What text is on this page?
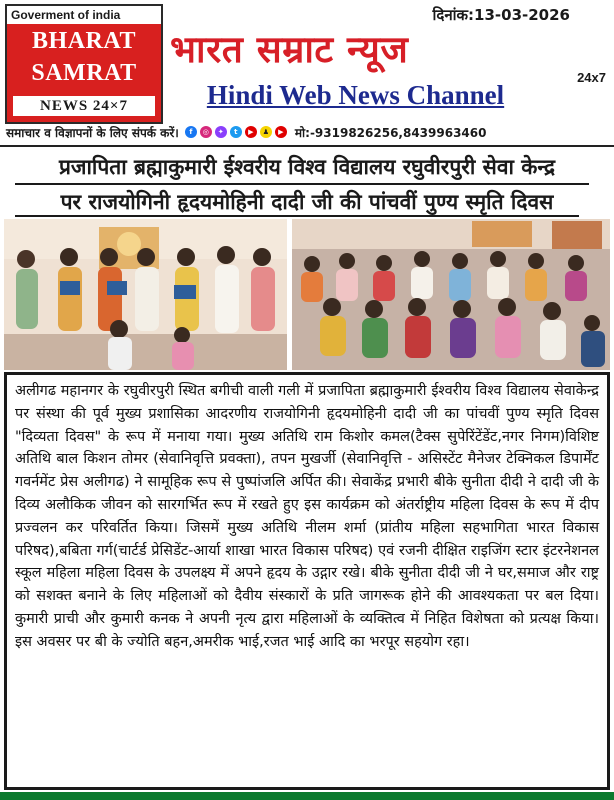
Goverment of india
BHARAT
SAMRAT
NEWS 24×7
दिनांक:13-03-2026
भारत सम्राट न्यूज
24x7
Hindi Web News Channel
समाचार व विज्ञापनों के लिए संपर्क करें।	f	◎	✦	t	▶	♟	▶ मो:-9319826256,8439963460
प्रजापिता ब्रह्माकुमारी ईश्वरीय विश्व विद्यालय रघुवीरपुरी सेवा केन्द्र
पर राजयोगिनी हृदयमोहिनी दादी जी की पांचवीं पुण्य स्मृति दिवस

अलीगढ महानगर के रघुवीरपुरी स्थित बगीची वाली गली में प्रजापिता ब्रह्माकुमारी ईश्वरीय विश्व विद्यालय सेवाकेन्द्र पर संस्था की पूर्व मुख्य प्रशासिका आदरणीय राजयोगिनी हृदयमोहिनी दादी जी का पांचवीं पुण्य स्मृति दिवस "दिव्यता दिवस" के रूप में मनाया गया। मुख्य अतिथि राम किशोर कमल(टैक्स सुपेरिंटेंडेंट,नगर निगम)विशिष्ट अतिथि बाल किशन तोमर (सेवानिवृत्ति प्रवक्ता), तपन मुखर्जी (सेवानिवृत्ति - असिस्टेंट मैनेजर टेक्निकल डिपार्मेंट गवर्नमेंट प्रेस अलीगढ) ने सामूहिक रूप से पुष्पांजलि अर्पित की। सेवाकेंद्र प्रभारी बीके सुनीता दीदी ने दादी जी के दिव्य अलौकिक जीवन को सारगर्भित रूप में रखते हुए इस कार्यक्रम को अंतर्राष्ट्रीय महिला दिवस के रूप में दीप प्रज्वलन कर परिवर्तित किया। जिसमें मुख्य अतिथि नीलम शर्मा (प्रांतीय महिला सहभागिता भारत विकास परिषद),बबिता गर्ग(चार्टर्ड प्रेसिडेंट-आर्या शाखा भारत विकास परिषद) एवं रजनी दीक्षित राइजिंग स्टार इंटरनेशनल स्कूल महिला महिला दिवस के उपलक्ष्य में अपने हृदय के उद्गार रखे। बीके सुनीता दीदी जी ने घर,समाज और राष्ट्र को सशक्त बनाने के लिए महिलाओं को दैवीय संस्कारों के प्रति जागरूक होने की आवश्यकता पर बल दिया। कुमारी प्राची और कुमारी कनक ने अपनी नृत्य द्वारा महिलाओं के व्यक्तित्व में निहित विशेषता को प्रत्यक्ष किया। इस अवसर पर बी के ज्योति बहन,अमरीक भाई,रजत भाई आदि का भरपूर सहयोग रहा।
